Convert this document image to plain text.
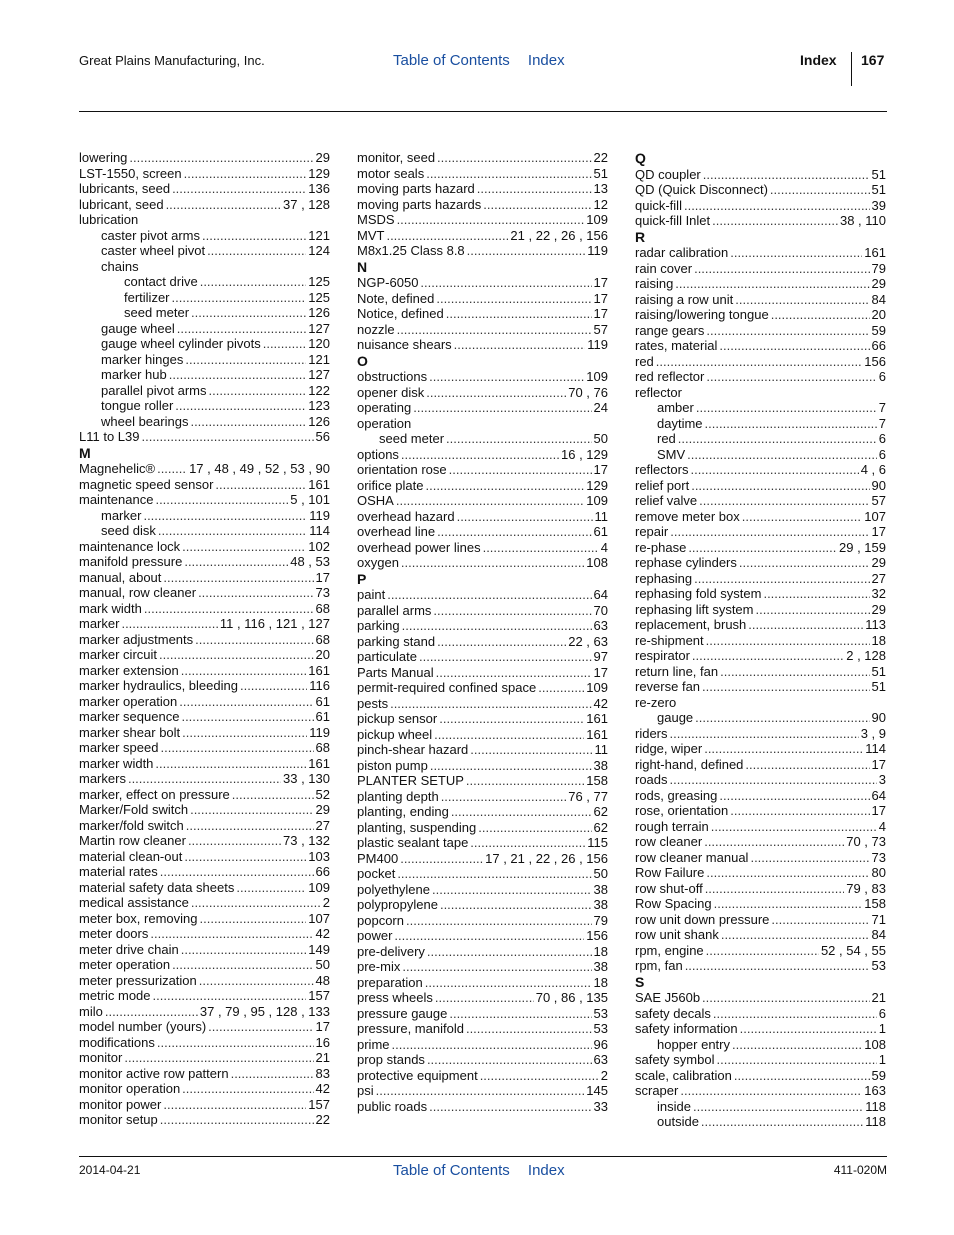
Great Plains Manufacturing, Inc.	Table of Contents Index	Index 167
lowering .....	29
LST-1550, screen .....	129
lubricants, seed .....	136
lubricant, seed .....	37 , 128
lubrication
caster pivot arms .....	121
caster wheel pivot .....	124
chains
contact drive .....	125
fertilizer .....	125
seed meter .....	126
gauge wheel .....	127
gauge wheel cylinder pivots .....	120
marker hinges .....	121
marker hub .....	127
parallel pivot arms .....	122
tongue roller .....	123
wheel bearings .....	126
L11 to L39 .....	56
M
Magnehelic® .....	17 , 48 , 49 , 52 , 53 , 90
magnetic speed sensor .....	161
maintenance .....	5 , 101
marker .....	119
seed disk .....	114
maintenance lock .....	102
manifold pressure .....	48 , 53
manual, about .....	17
manual, row cleaner .....	73
mark width .....	68
marker .....	11 , 116 , 121 , 127
marker adjustments .....	68
marker circuit .....	20
marker extension .....	161
marker hydraulics, bleeding .....	116
marker operation .....	61
marker sequence .....	61
marker shear bolt .....	119
marker speed .....	68
marker width .....	161
markers .....	33 , 130
marker, effect on pressure .....	52
Marker/Fold switch .....	29
marker/fold switch .....	27
Martin row cleaner .....	73 , 132
material clean-out .....	103
material rates .....	66
material safety data sheets .....	109
medical assistance .....	2
meter box, removing .....	107
meter doors .....	42
meter drive chain .....	149
meter operation .....	50
meter pressurization .....	48
metric mode .....	157
milo .....	37 , 79 , 95 , 128 , 133
model number (yours) .....	17
modifications .....	16
monitor .....	21
monitor active row pattern .....	83
monitor operation .....	42
monitor power .....	157
monitor setup .....	22
monitor, seed .....	22
motor seals .....	51
moving parts hazard .....	13
moving parts hazards .....	12
MSDS .....	109
MVT .....	21 , 22 , 26 , 156
M8x1.25 Class 8.8 .....	119
N
NGP-6050 .....	17
Note, defined .....	17
Notice, defined .....	17
nozzle .....	57
nuisance shears .....	119
O
obstructions .....	109
opener disk .....	70 , 76
operating .....	24
operation
seed meter .....	50
options .....	16 , 129
orientation rose .....	17
orifice plate .....	129
OSHA .....	109
overhead hazard .....	11
overhead line .....	61
overhead power lines .....	4
oxygen .....	108
P
paint .....	64
parallel arms .....	70
parking .....	63
parking stand .....	22 , 63
particulate .....	97
Parts Manual .....	17
permit-required confined space .....	109
pests .....	42
pickup sensor .....	161
pickup wheel .....	161
pinch-shear hazard .....	11
piston pump .....	38
PLANTER SETUP .....	158
planting depth .....	76 , 77
planting, ending .....	62
planting, suspending .....	62
plastic sealant tape .....	115
PM400 .....	17 , 21 , 22 , 26 , 156
pocket .....	50
polyethylene .....	38
polypropylene .....	38
popcorn .....	79
power .....	156
pre-delivery .....	18
pre-mix .....	38
preparation .....	18
press wheels .....	70 , 86 , 135
pressure gauge .....	53
pressure, manifold .....	53
prime .....	96
prop stands .....	63
protective equipment .....	2
psi .....	145
public roads .....	33
Q
QD coupler .....	51
QD (Quick Disconnect) .....	51
quick-fill .....	39
quick-fill Inlet .....	38 , 110
R
radar calibration .....	161
rain cover .....	79
raising .....	29
raising a row unit .....	84
raising/lowering tongue .....	20
range gears .....	59
rates, material .....	66
red .....	156
red reflector .....	6
reflector
amber .....	7
daytime .....	7
red .....	6
SMV .....	6
reflectors .....	4 , 6
relief port .....	90
relief valve .....	57
remove meter box .....	107
repair .....	17
re-phase .....	29 , 159
rephase cylinders .....	29
rephasing .....	27
rephasing fold system .....	32
rephasing lift system .....	29
replacement, brush .....	113
re-shipment .....	18
respirator .....	2 , 128
return line, fan .....	51
reverse fan .....	51
re-zero
gauge .....	90
riders .....	3 , 9
ridge, wiper .....	114
right-hand, defined .....	17
roads .....	3
rods, greasing .....	64
rose, orientation .....	17
rough terrain .....	4
row cleaner .....	70 , 73
row cleaner manual .....	73
Row Failure .....	80
row shut-off .....	79 , 83
Row Spacing .....	158
row unit down pressure .....	71
row unit shank .....	84
rpm, engine .....	52 , 54 , 55
rpm, fan .....	53
S
SAE J560b .....	21
safety decals .....	6
safety information .....	1
hopper entry .....	108
safety symbol .....	1
scale, calibration .....	59
scraper .....	163
inside .....	118
outside .....	118
2014-04-21	Table of Contents Index	411-020M
